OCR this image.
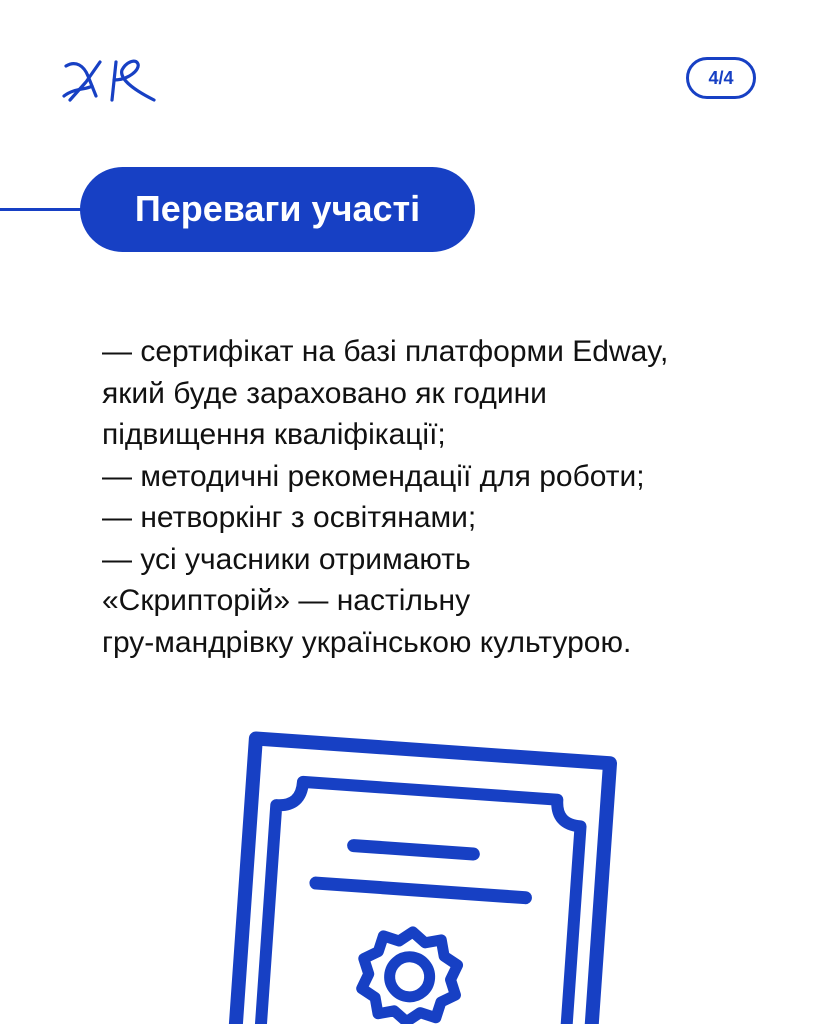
4/4
Переваги участі
— сертифікат на базі платформи Edway,
який буде зараховано як години
підвищення кваліфікації;
— методичні рекомендації для роботи;
— нетворкінг з освітянами;
— усі учасники отримають
«Скрипторій» — настільну
гру-мандрівку українською культурою.
